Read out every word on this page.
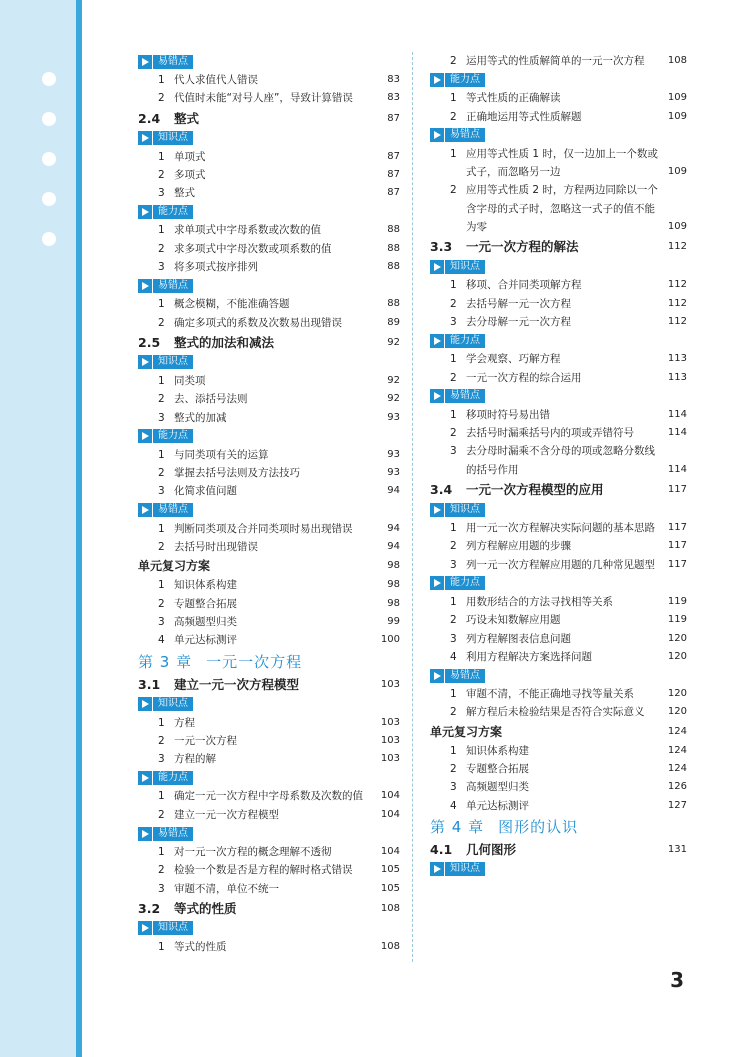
易错点
1 代人求值代人错误	83
2 代值时未能“对号人座”，导致计算错误	83
2.4 整式	87
知识点
1 单项式	87
2 多项式	87
3 整式	87
能力点
1 求单项式中字母系数或次数的值	88
2 求多项式中字母次数或项系数的值	88
3 将多项式按序排列	88
易错点
1 概念模糊，不能准确答题	88
2 确定多项式的系数及次数易出现错误	89
2.5 整式的加法和减法	92
知识点
1 同类项	92
2 去、添括号法则	92
3 整式的加减	93
能力点
1 与同类项有关的运算	93
2 掌握去括号法则及方法技巧	93
3 化简求值问题	94
易错点
1 判断同类项及合并同类项时易出现错误	94
2 去括号时出现错误	94
单元复习方案	98
1 知识体系构建	98
2 专题整合拓展	98
3 高频题型归类	99
4 单元达标测评	100
第 3 章 一元一次方程
3.1 建立一元一次方程模型	103
知识点
1 方程	103
2 一元一次方程	103
3 方程的解	103
能力点
1 确定一元一次方程中字母系数及次数的值	104
2 建立一元一次方程模型	104
易错点
1 对一元一次方程的概念理解不透彻	104
2 检验一个数是否是方程的解时格式错误	105
3 审题不清，单位不统一	105
3.2 等式的性质	108
知识点
1 等式的性质	108
2 运用等式的性质解简单的一元一次方程	108
能力点
1 等式性质的正确解读	109
2 正确地运用等式性质解题	109
易错点
1 应用等式性质 1 时，仅一边加上一个数或式子，而忽略另一边	109
2 应用等式性质 2 时，方程两边同除以一个含字母的式子时，忽略这一式子的值不能为零	109
3.3 一元一次方程的解法	112
知识点
1 移项、合并同类项解方程	112
2 去括号解一元一次方程	112
3 去分母解一元一次方程	112
能力点
1 学会观察、巧解方程	113
2 一元一次方程的综合运用	113
易错点
1 移项时符号易出错	114
2 去括号时漏乘括号内的项或弄错符号	114
3 去分母时漏乘不含分母的项或忽略分数线的括号作用	114
3.4 一元一次方程模型的应用	117
知识点
1 用一元一次方程解决实际问题的基本思路	117
2 列方程解应用题的步骤	117
3 列一元一次方程解应用题的几种常见题型	117
能力点
1 用数形结合的方法寻找相等关系	119
2 巧设未知数解应用题	119
3 列方程解图表信息问题	120
4 利用方程解决方案选择问题	120
易错点
1 审题不清，不能正确地寻找等量关系	120
2 解方程后未检验结果是否符合实际意义	120
单元复习方案	124
1 知识体系构建	124
2 专题整合拓展	124
3 高频题型归类	126
4 单元达标测评	127
第 4 章 图形的认识
4.1 几何图形	131
知识点
3
